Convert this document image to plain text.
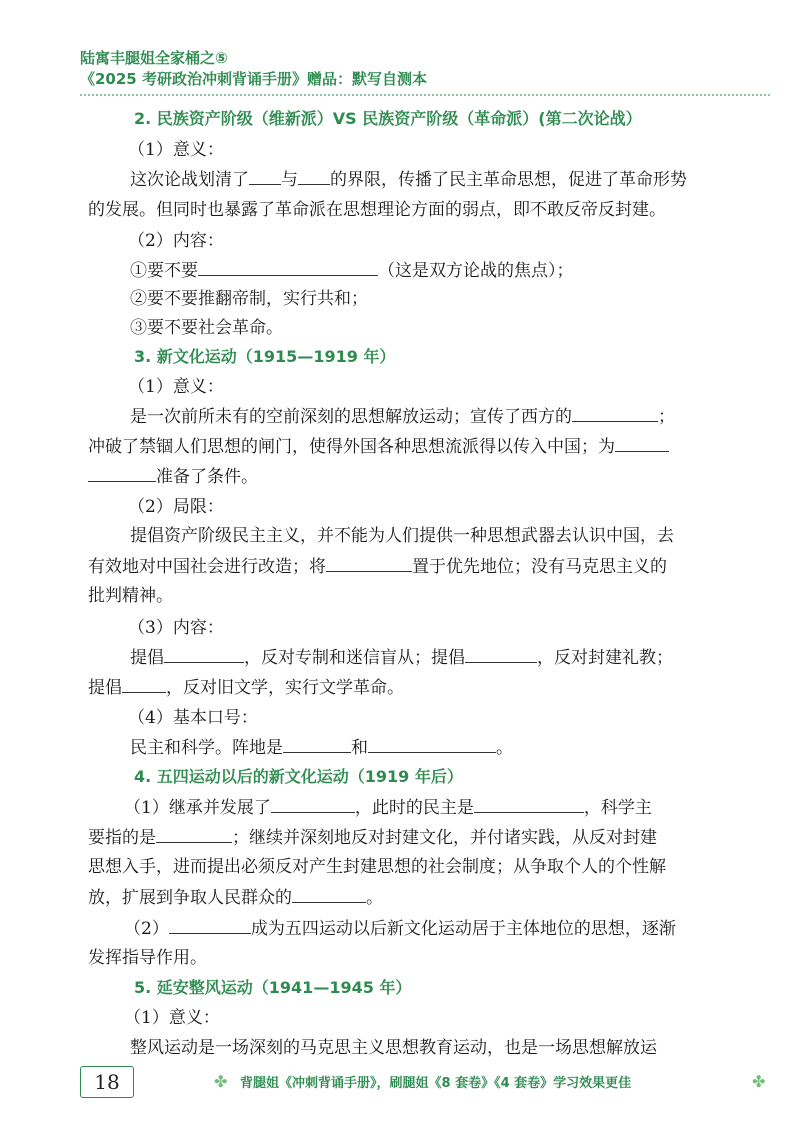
陆寓丰腿姐全家桶之⑤
《2025 考研政治冲刺背诵手册》赠品：默写自测本
2. 民族资产阶级（维新派）VS 民族资产阶级（革命派）(第二次论战）
（1）意义：
这次论战划清了 与 的界限，传播了民主革命思想，促进了革命形势
的发展。但同时也暴露了革命派在思想理论方面的弱点，即不敢反帝反封建。
（2）内容：
①要不要	（这是双方论战的焦点）；
②要不要推翻帝制，实行共和；
③要不要社会革命。
3. 新文化运动（1915—1919 年）
（1）意义：
是一次前所未有的空前深刻的思想解放运动；宣传了西方的	；
冲破了禁锢人们思想的闸门，使得外国各种思想流派得以传入中国；为
准备了条件。
（2）局限：
提倡资产阶级民主主义，并不能为人们提供一种思想武器去认识中国，去
有效地对中国社会进行改造；将	置于优先地位；没有马克思主义的
批判精神。
（3）内容：
提倡	，反对专制和迷信盲从；提倡	，反对封建礼教；
提倡	，反对旧文学，实行文学革命。
（4）基本口号：
民主和科学。阵地是	和	。
4. 五四运动以后的新文化运动（1919 年后）
（1）继承并发展了	，此时的民主是	，科学主
要指的是	；继续并深刻地反对封建文化，并付诸实践，从反对封建
思想入手，进而提出必须反对产生封建思想的社会制度；从争取个人的个性解
放，扩展到争取人民群众的	。
（2）	成为五四运动以后新文化运动居于主体地位的思想，逐渐
发挥指导作用。
5. 延安整风运动（1941—1945 年）
（1）意义：
整风运动是一场深刻的马克思主义思想教育运动，也是一场思想解放运
18	✤ 背腿姐《冲刺背诵手册》，刷腿姐《8 套卷》《4 套卷》学习效果更佳	✤
